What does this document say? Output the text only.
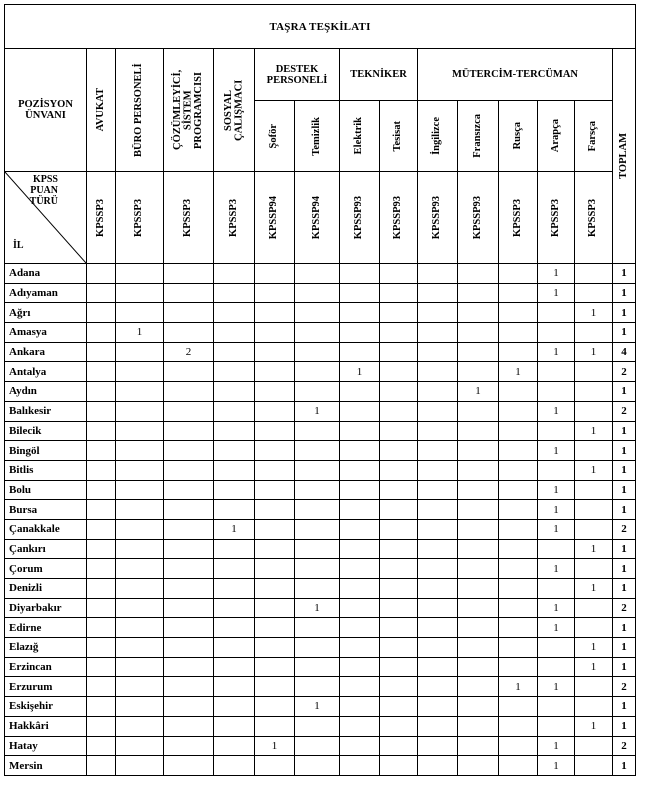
TAŞRA TEŞKİLATI														
POZİSYON ÜNVANI	AVUKAT	BÜRO PERSONELİ	ÇÖZÜMLEYİCİ, SİSTEM PROGRAMCISI	SOSYAL ÇALIŞMACI	DESTEK PERSONELİ		TEKNİKER		MÜTERCİM-TERCÜMAN					TOPLAM

					Şoför	Temizlik	Elektrik	Tesisat	İngilizce	Fransızca	Rusça	Arapça	Farsça	

KPSS
PUAN
TÜRÜ
İL	KPSSP3	KPSSP3	KPSSP3	KPSSP3	KPSSP94	KPSSP94	KPSSP93	KPSSP93	KPSSP93	KPSSP93	KPSSP3	KPSSP3	KPSSP3	

Adana												1		1
Adıyaman												1		1
Ağrı													1	1
Amasya		1												1
Ankara			2									1	1	4
Antalya							1				1			2
Aydın										1				1
Balıkesir						1						1		2
Bilecik													1	1
Bingöl												1		1
Bitlis													1	1
Bolu												1		1
Bursa												1		1
Çanakkale				1								1		2
Çankırı													1	1
Çorum												1		1
Denizli													1	1
Diyarbakır						1						1		2
Edirne												1		1
Elazığ													1	1
Erzincan													1	1
Erzurum											1	1		2
Eskişehir						1								1
Hakkâri													1	1
Hatay					1							1		2
Mersin												1		1
